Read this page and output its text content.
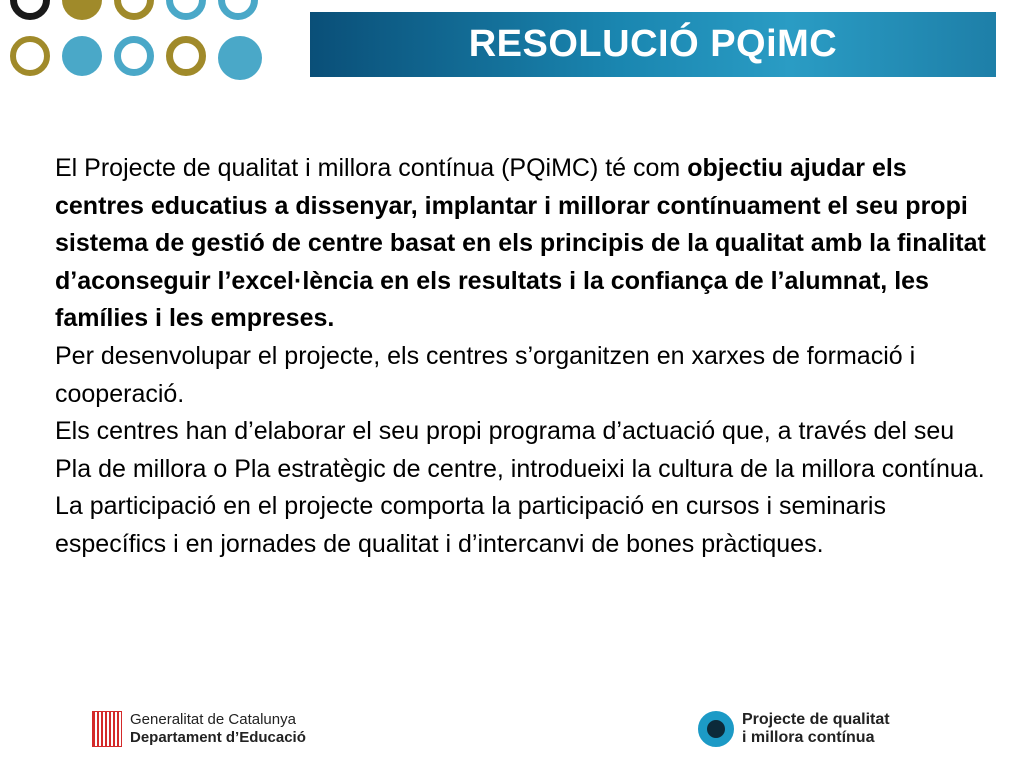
RESOLUCIÓ PQiMC

El Projecte de qualitat i millora contínua (PQiMC) té com objectiu ajudar els centres educatius a dissenyar, implantar i millorar contínuament el seu propi sistema de gestió de centre basat en els principis de la qualitat amb la finalitat d’aconseguir l’excel·lència en els resultats i la confiança de l’alumnat, les famílies i les empreses.

Per desenvolupar el projecte, els centres s’organitzen en xarxes de formació i cooperació.

Els centres han d’elaborar el seu propi programa d’actuació que, a través del seu Pla de millora o Pla estratègic de centre, introdueixi la cultura de la millora contínua. La participació en el projecte comporta la participació en cursos i seminaris específics i en jornades de qualitat i d’intercanvi de bones pràctiques.

Generalitat de Catalunya
Departament d’Educació
Projecte de qualitat
i millora contínua
